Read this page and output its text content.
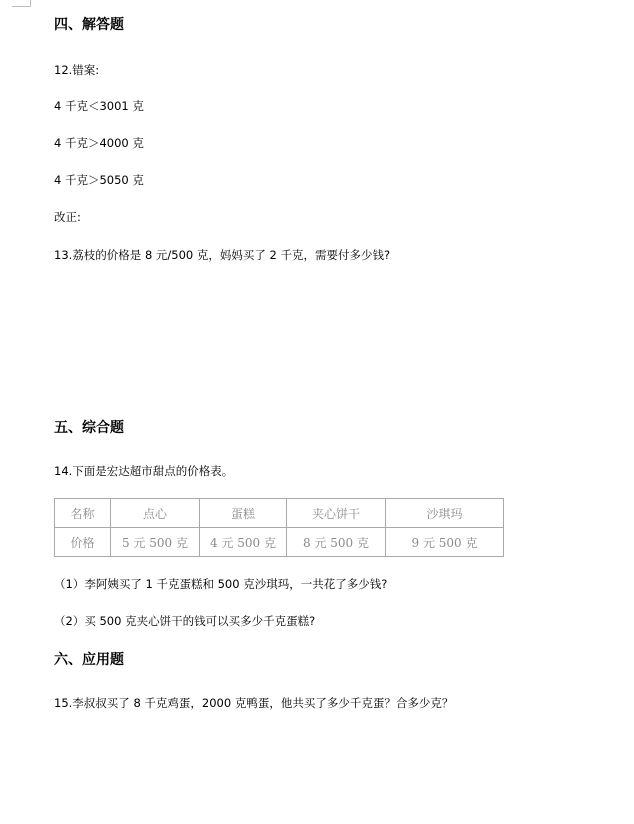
四、解答题
12.错案:
4 千克＜3001 克
4 千克＞4000 克
4 千克＞5050 克
改正:
13.荔枝的价格是 8 元/500 克，妈妈买了 2 千克，需要付多少钱?
五、综合题
14.下面是宏达超市甜点的价格表。
名称	点心	蛋糕	夹心饼干	沙琪玛
价格	5 元 500 克	4 元 500 克	8 元 500 克	9 元 500 克
（1）李阿姨买了 1 千克蛋糕和 500 克沙琪玛，一共花了多少钱?
（2）买 500 克夹心饼干的钱可以买多少千克蛋糕?
六、应用题
15.李叔叔买了 8 千克鸡蛋，2000 克鸭蛋，他共买了多少千克蛋？合多少克？
